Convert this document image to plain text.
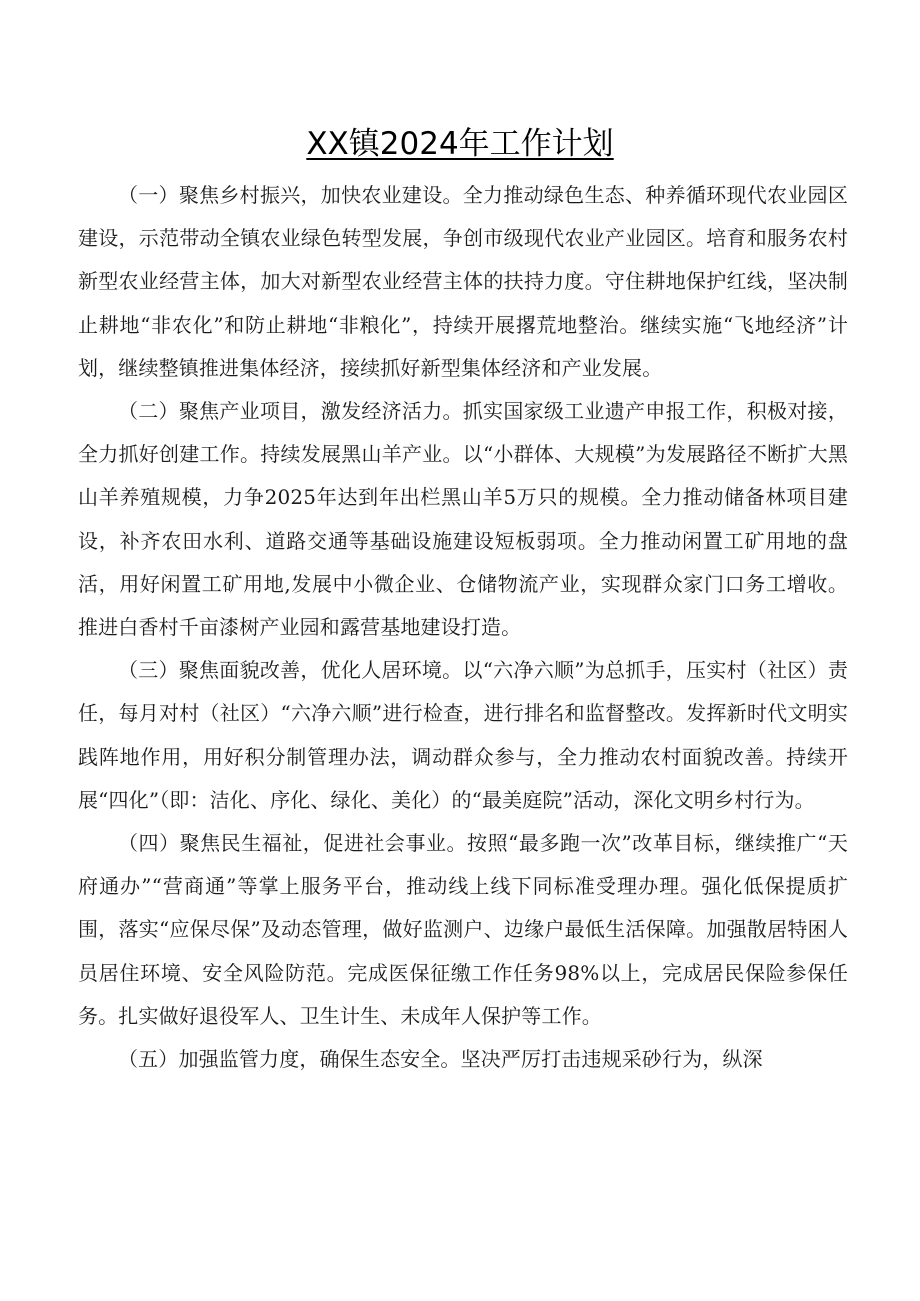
XX镇2024年工作计划

（一）聚焦乡村振兴，加快农业建设。全力推动绿色生态、种养循环现代农业园区建设，示范带动全镇农业绿色转型发展，争创市级现代农业产业园区。培育和服务农村新型农业经营主体，加大对新型农业经营主体的扶持力度。守住耕地保护红线，坚决制止耕地“非农化”和防止耕地“非粮化”，持续开展撂荒地整治。继续实施“飞地经济”计划，继续整镇推进集体经济，接续抓好新型集体经济和产业发展。

（二）聚焦产业项目，激发经济活力。抓实国家级工业遗产申报工作，积极对接，全力抓好创建工作。持续发展黑山羊产业。以“小群体、大规模”为发展路径不断扩大黑山羊养殖规模，力争2025年达到年出栏黑山羊5万只的规模。全力推动储备林项目建设，补齐农田水利、道路交通等基础设施建设短板弱项。全力推动闲置工矿用地的盘活，用好闲置工矿用地,发展中小微企业、仓储物流产业，实现群众家门口务工增收。推进白香村千亩漆树产业园和露营基地建设打造。

（三）聚焦面貌改善，优化人居环境。以“六净六顺”为总抓手，压实村（社区）责任，每月对村（社区）“六净六顺”进行检查，进行排名和监督整改。发挥新时代文明实践阵地作用，用好积分制管理办法，调动群众参与，全力推动农村面貌改善。持续开展“四化”（即：洁化、序化、绿化、美化）的“最美庭院”活动，深化文明乡村行为。

（四）聚焦民生福祉，促进社会事业。按照“最多跑一次”改革目标，继续推广“天府通办”“营商通”等掌上服务平台，推动线上线下同标准受理办理。强化低保提质扩围，落实“应保尽保”及动态管理，做好监测户、边缘户最低生活保障。加强散居特困人员居住环境、安全风险防范。完成医保征缴工作任务98%以上，完成居民保险参保任务。扎实做好退役军人、卫生计生、未成年人保护等工作。

（五）加强监管力度，确保生态安全。坚决严厉打击违规采砂行为，纵深
